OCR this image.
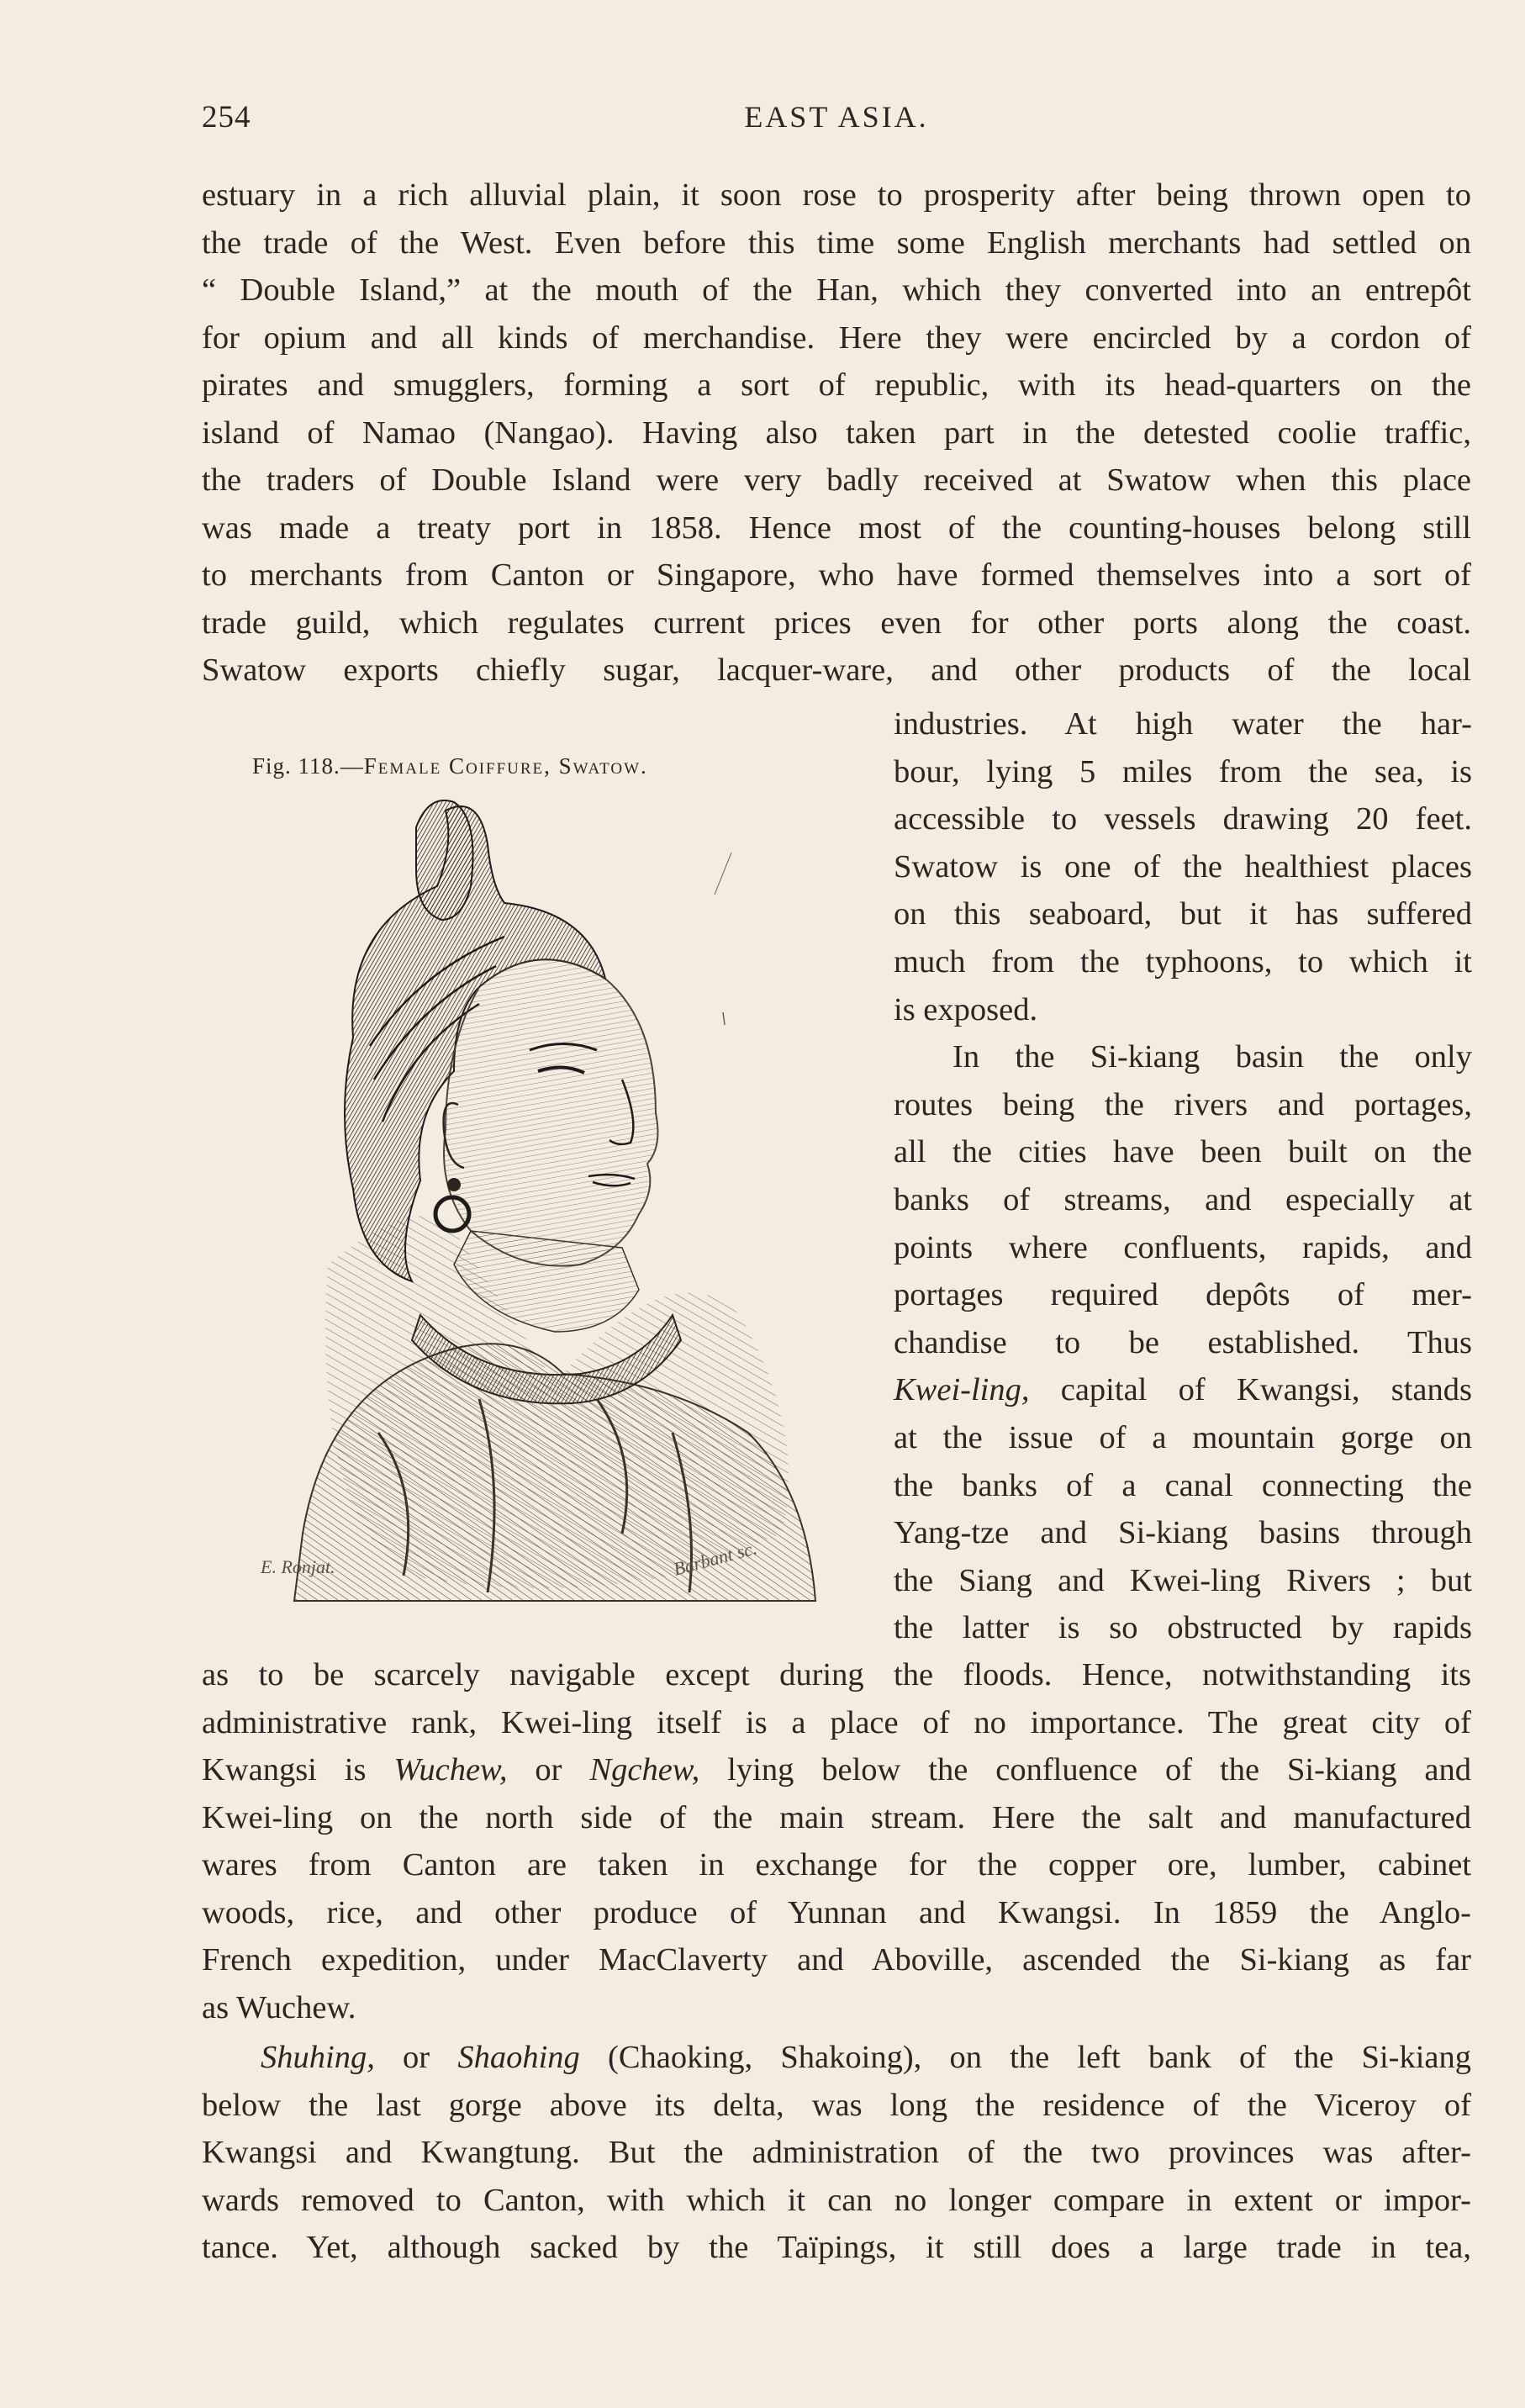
254	EAST ASIA.
estuary in a rich alluvial plain, it soon rose to prosperity after being thrown open to
the trade of the West. Even before this time some English merchants had settled on
“ Double Island,” at the mouth of the Han, which they converted into an entrepôt
for opium and all kinds of merchandise. Here they were encircled by a cordon of
pirates and smugglers, forming a sort of republic, with its head-quarters on the
island of Namao (Nangao). Having also taken part in the detested coolie traffic,
the traders of Double Island were very badly received at Swatow when this place
was made a treaty port in 1858. Hence most of the counting-houses belong still
to merchants from Canton or Singapore, who have formed themselves into a sort of
trade guild, which regulates current prices even for other ports along the coast.
Swatow exports chiefly sugar, lacquer-ware, and other products of the local
industries. At high water the har-
bour, lying 5 miles from the sea, is
accessible to vessels drawing 20 feet.
Swatow is one of the healthiest places
on this seaboard, but it has suffered
much from the typhoons, to which it
is exposed.
In the Si-kiang basin the only
routes being the rivers and portages,
all the cities have been built on the
banks of streams, and especially at
points where confluents, rapids, and
portages required depôts of mer-
chandise to be established. Thus
Kwei-ling, capital of Kwangsi, stands
at the issue of a mountain gorge on
the banks of a canal connecting the
Yang-tze and Si-kiang basins through
the Siang and Kwei-ling Rivers ; but
the latter is so obstructed by rapids
Fig. 118.—Female Coiffure, Swatow.
E. Ronjat.	Barbant sc.
as to be scarcely navigable except during the floods. Hence, notwithstanding its
administrative rank, Kwei-ling itself is a place of no importance. The great city of
Kwangsi is Wuchew, or Ngchew, lying below the confluence of the Si-kiang and
Kwei-ling on the north side of the main stream. Here the salt and manufactured
wares from Canton are taken in exchange for the copper ore, lumber, cabinet
woods, rice, and other produce of Yunnan and Kwangsi. In 1859 the Anglo-
French expedition, under MacClaverty and Aboville, ascended the Si-kiang as far
as Wuchew.
Shuhing, or Shaohing (Chaoking, Shakoing), on the left bank of the Si-kiang
below the last gorge above its delta, was long the residence of the Viceroy of
Kwangsi and Kwangtung. But the administration of the two provinces was after-
wards removed to Canton, with which it can no longer compare in extent or impor-
tance. Yet, although sacked by the Taïpings, it still does a large trade in tea,
